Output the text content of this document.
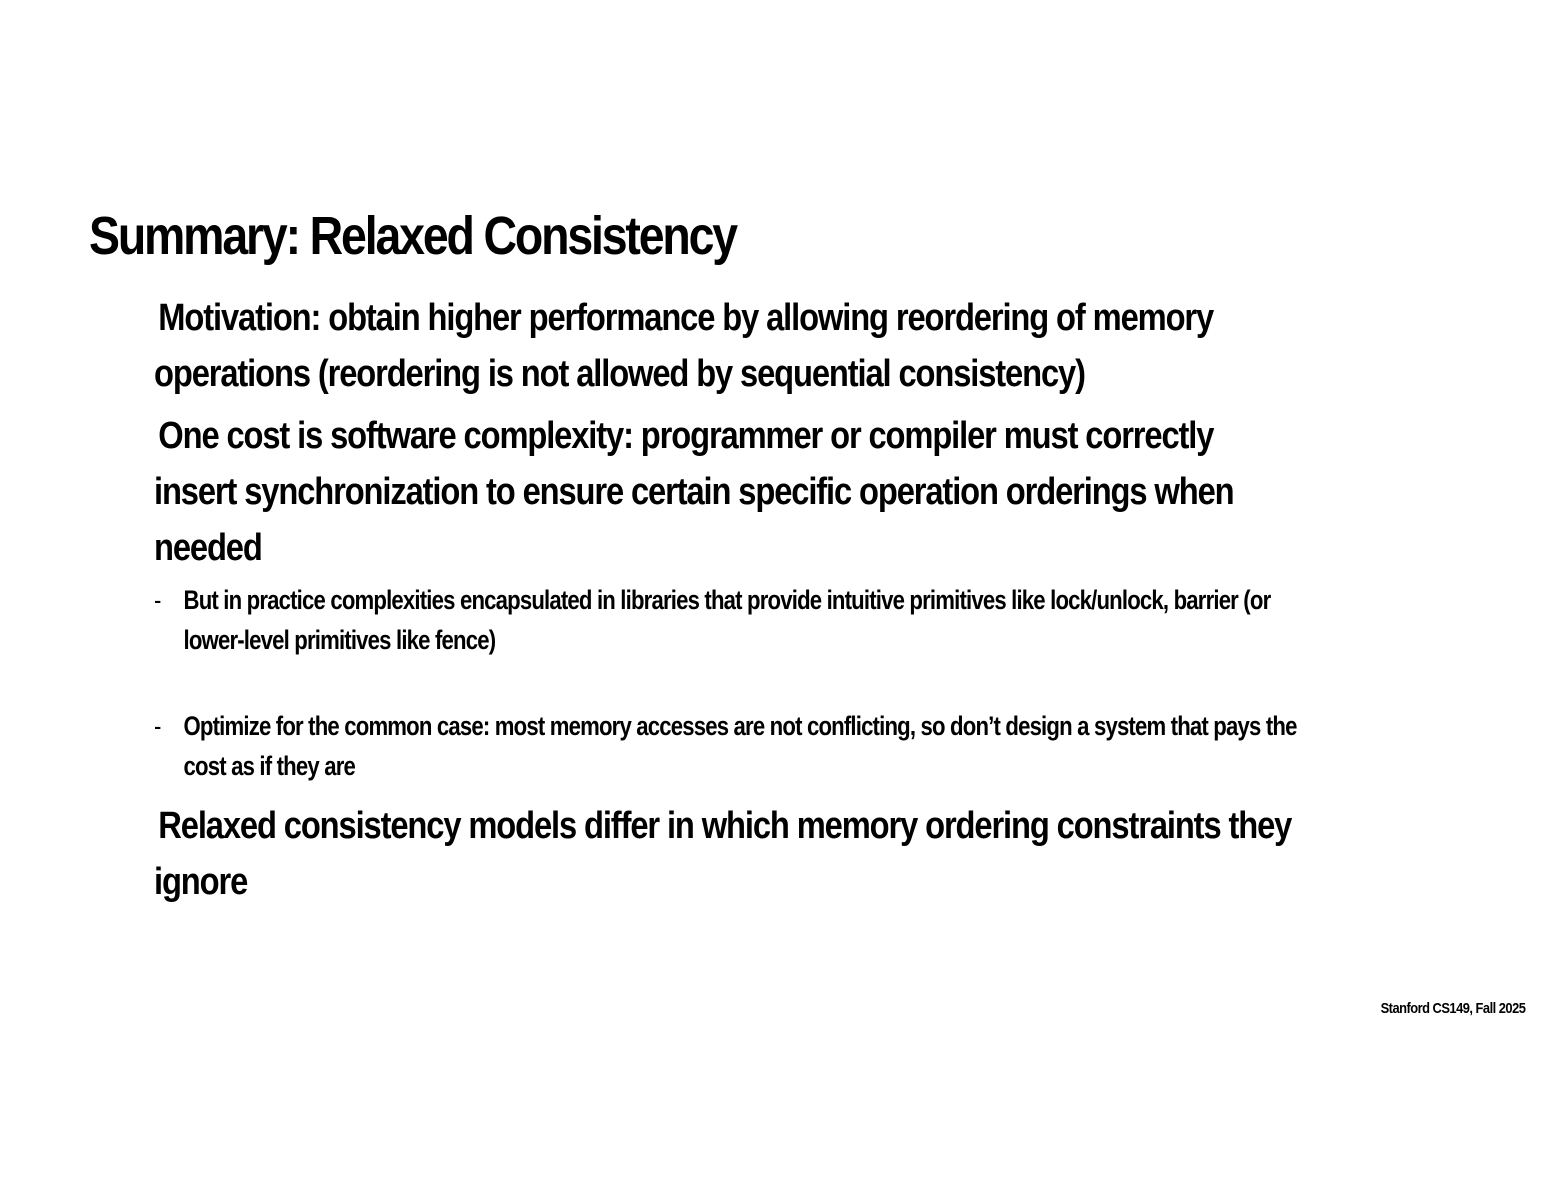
Summary: Relaxed Consistency

Motivation: obtain higher performance by allowing reordering of memory operations (reordering is not allowed by sequential consistency)

One cost is software complexity: programmer or compiler must correctly insert synchronization to ensure certain specific operation orderings when needed

- But in practice complexities encapsulated in libraries that provide intuitive primitives like lock/unlock, barrier (or lower-level primitives like fence)

- Optimize for the common case: most memory accesses are not conflicting, so don’t design a system that pays the cost as if they are

Relaxed consistency models differ in which memory ordering constraints they ignore

Stanford CS149, Fall 2025
